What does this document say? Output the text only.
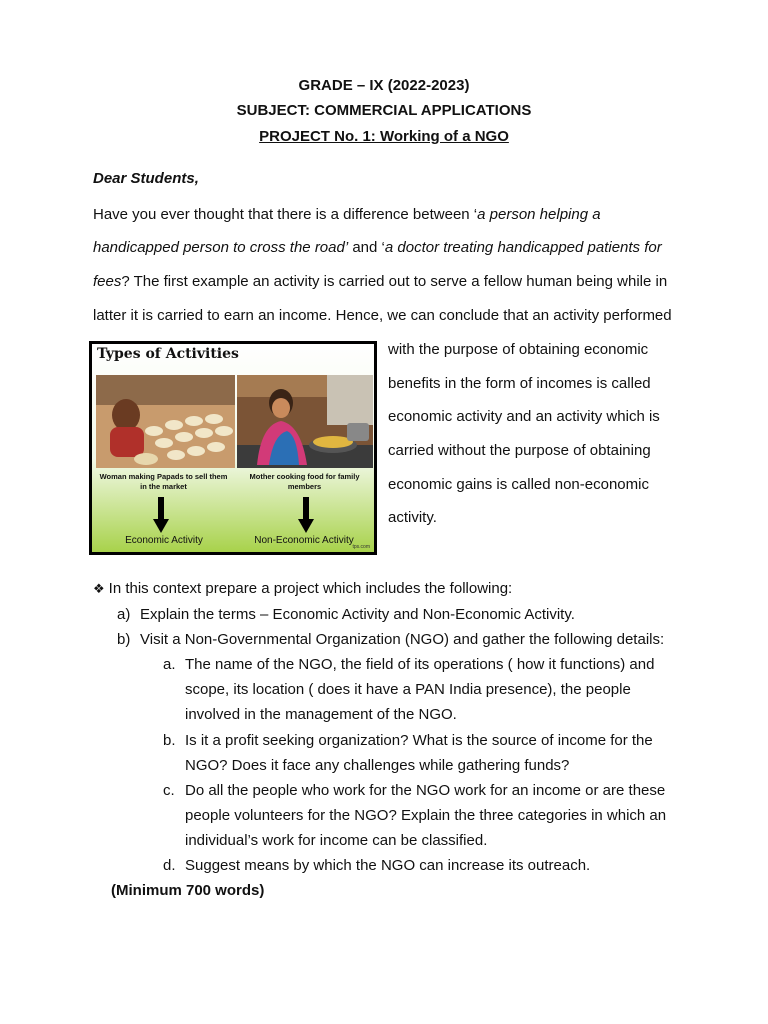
GRADE – IX (2022-2023)
SUBJECT: COMMERCIAL APPLICATIONS
PROJECT No. 1: Working of a NGO
Dear Students,
Have you ever thought that there is a difference between ‘a person helping a
handicapped person to cross the road’ and ‘a doctor treating handicapped patients for
fees? The first example an activity is carried out to serve a fellow human being while in
latter it is carried to earn an income. Hence, we can conclude that an activity performed
with the purpose of obtaining economic
benefits in the form of incomes is called
economic activity and an activity which is
carried without the purpose of obtaining
economic gains is called non-economic
activity.
Types of Activities
Woman making Papads to sell them in the market
Mother cooking food for family members
Economic Activity	Non-Economic Activity
tps.com
❖ In this context prepare a project which includes the following:
a) Explain the terms – Economic Activity and Non-Economic Activity.
b) Visit a Non-Governmental Organization (NGO) and gather the following details:
a. The name of the NGO, the field of its operations ( how it functions) and
scope, its location ( does it have a PAN India presence), the people
involved in the management of the NGO.
b. Is it a profit seeking organization? What is the source of income for the
NGO? Does it face any challenges while gathering funds?
c. Do all the people who work for the NGO work for an income or are these
people volunteers for the NGO? Explain the three categories in which an
individual’s work for income can be classified.
d. Suggest means by which the NGO can increase its outreach.
(Minimum 700 words)
